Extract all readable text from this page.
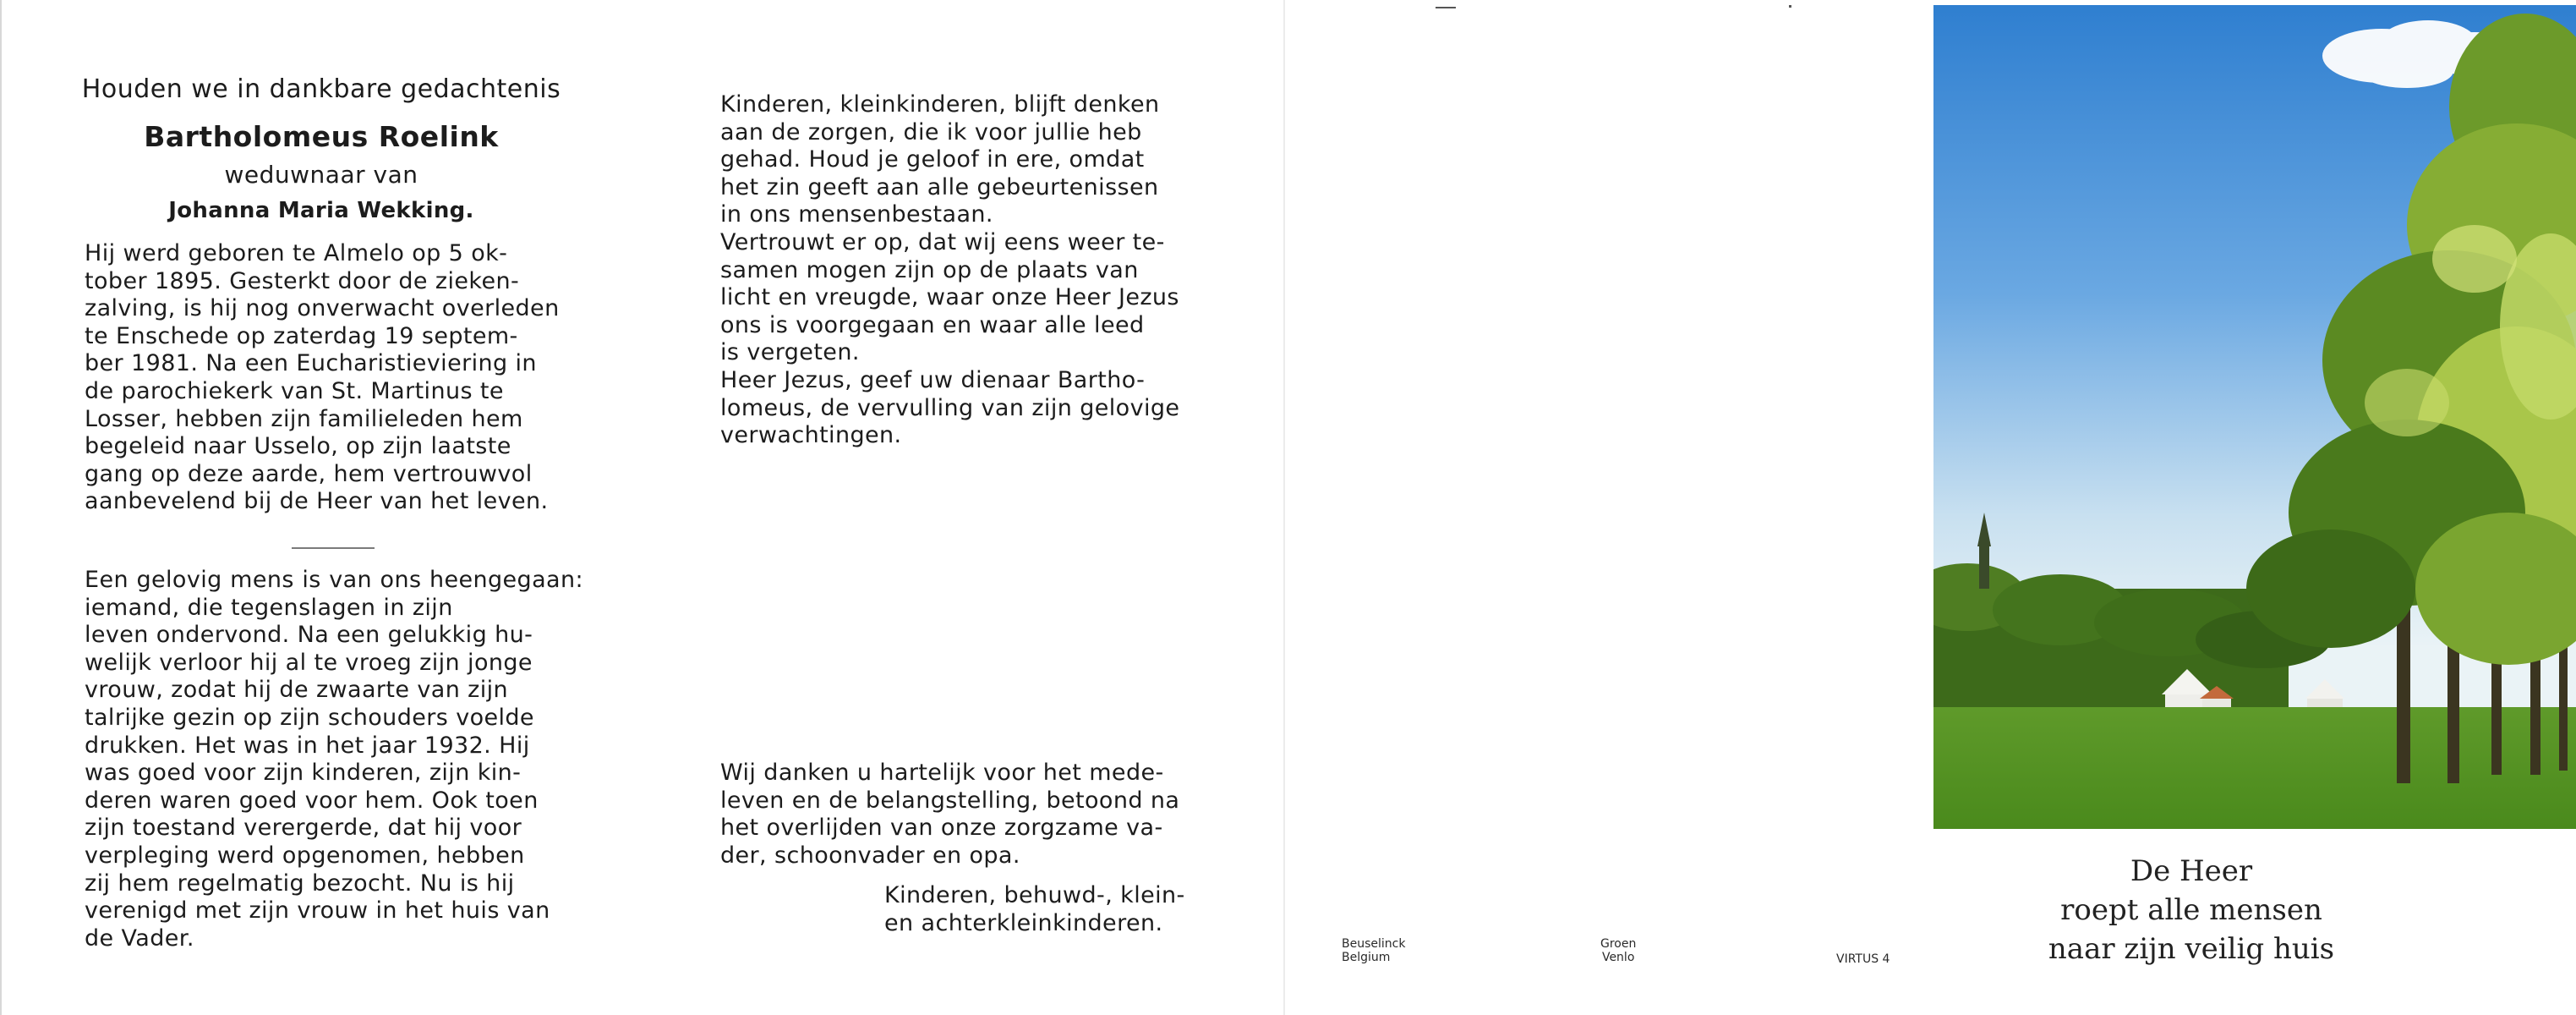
Houden we in dankbare gedachtenis
Bartholomeus Roelink
weduwnaar van
Johanna Maria Wekking.
Hij werd geboren te Almelo op 5 ok-
tober 1895. Gesterkt door de zieken-
zalving, is hij nog onverwacht overleden
te Enschede op zaterdag 19 septem-
ber 1981. Na een Eucharistieviering in
de parochiekerk van St. Martinus te
Losser, hebben zijn familieleden hem
begeleid naar Usselo, op zijn laatste
gang op deze aarde, hem vertrouwvol
aanbevelend bij de Heer van het leven.
Een gelovig mens is van ons heengegaan: iemand, die tegenslagen in zijn
leven ondervond. Na een gelukkig hu-
welijk verloor hij al te vroeg zijn jonge
vrouw, zodat hij de zwaarte van zijn
talrijke gezin op zijn schouders voelde
drukken. Het was in het jaar 1932. Hij
was goed voor zijn kinderen, zijn kin-
deren waren goed voor hem. Ook toen
zijn toestand verergerde, dat hij voor
verpleging werd opgenomen, hebben
zij hem regelmatig bezocht. Nu is hij
verenigd met zijn vrouw in het huis van
de Vader.
Kinderen, kleinkinderen, blijft denken
aan de zorgen, die ik voor jullie heb
gehad. Houd je geloof in ere, omdat
het zin geeft aan alle gebeurtenissen
in ons mensenbestaan.
Vertrouwt er op, dat wij eens weer te-
samen mogen zijn op de plaats van
licht en vreugde, waar onze Heer Jezus
ons is voorgegaan en waar alle leed
is vergeten.
Heer Jezus, geef uw dienaar Bartho-
lomeus, de vervulling van zijn gelovige
verwachtingen.
Wij danken u hartelijk voor het mede-
leven en de belangstelling, betoond na
het overlijden van onze zorgzame va-
der, schoonvader en opa.
Kinderen, behuwd-, klein-
en achterkleinkinderen.
Beuselinck
Belgium
Groen
Venlo	VIRTUS 4
De Heer
roept alle mensen
naar zijn veilig huis
